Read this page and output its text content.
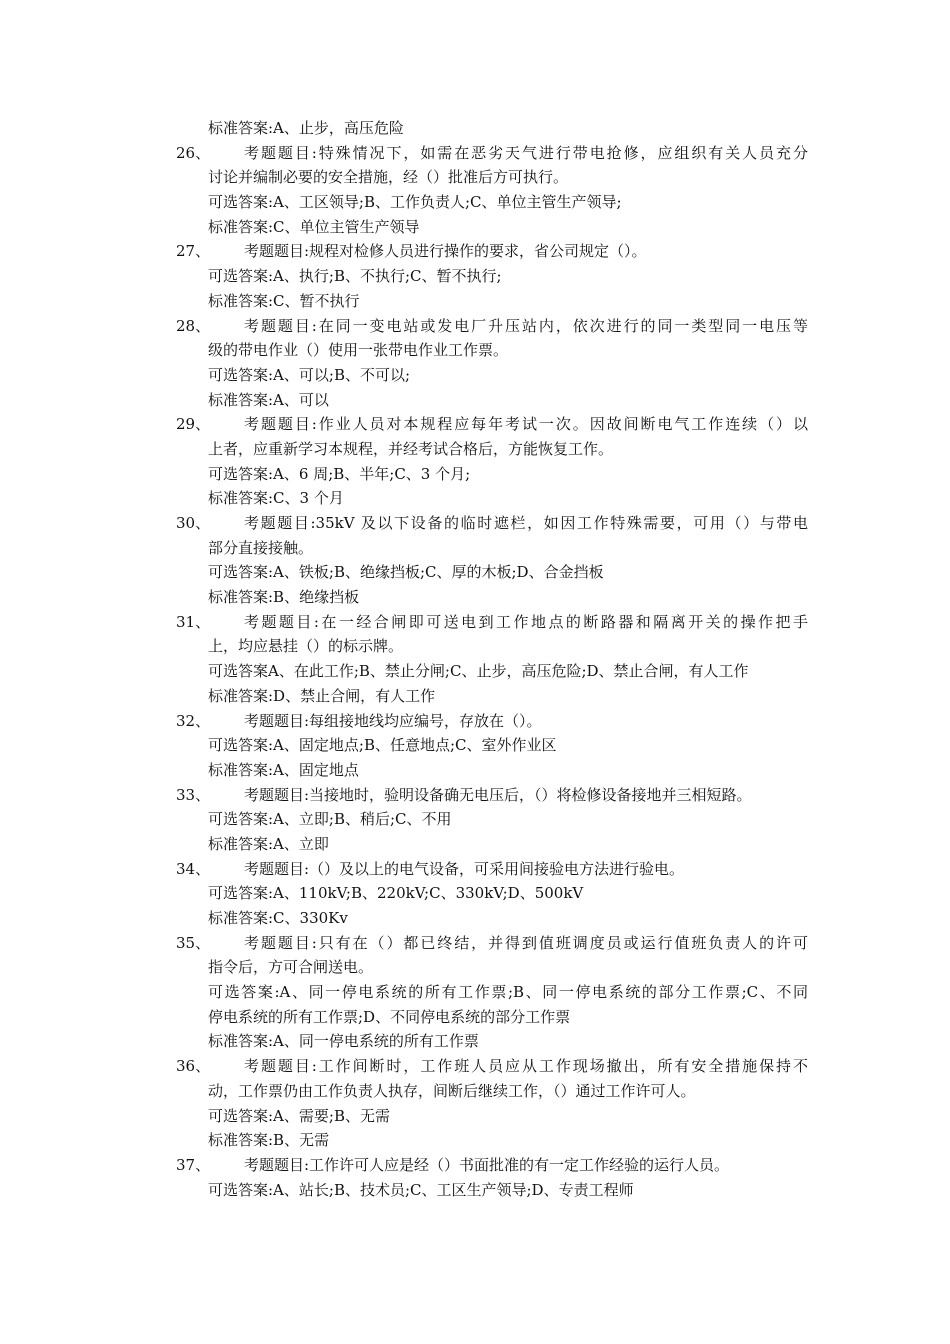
标准答案:A、止步，高压危险
26、	考题题目:特殊情况下，如需在恶劣天气进行带电抢修，应组织有关人员充分
讨论并编制必要的安全措施，经（）批准后方可执行。
可选答案:A、工区领导;B、工作负责人;C、单位主管生产领导;
标准答案:C、单位主管生产领导
27、 考题题目:规程对检修人员进行操作的要求，省公司规定（）。
可选答案:A、执行;B、不执行;C、暂不执行;
标准答案:C、暂不执行
28、	考题题目:在同一变电站或发电厂升压站内，依次进行的同一类型同一电压等
级的带电作业（）使用一张带电作业工作票。
可选答案:A、可以;B、不可以;
标准答案:A、可以
29、	考题题目:作业人员对本规程应每年考试一次。因故间断电气工作连续（）以
上者，应重新学习本规程，并经考试合格后，方能恢复工作。
可选答案:A、6 周;B、半年;C、3 个月;
标准答案:C、3 个月
30、	考题题目:35kV 及以下设备的临时遮栏，如因工作特殊需要，可用（）与带电
部分直接接触。
可选答案:A、铁板;B、绝缘挡板;C、厚的木板;D、合金挡板
标准答案:B、绝缘挡板
31、	考题题目:在一经合闸即可送电到工作地点的断路器和隔离开关的操作把手
上，均应悬挂（）的标示牌。
可选答案A、在此工作;B、禁止分闸;C、止步，高压危险;D、禁止合闸，有人工作
标准答案:D、禁止合闸，有人工作
32、 考题题目:每组接地线均应编号，存放在（）。
可选答案:A、固定地点;B、任意地点;C、室外作业区
标准答案:A、固定地点
33、 考题题目:当接地时，验明设备确无电压后，（）将检修设备接地并三相短路。
可选答案:A、立即;B、稍后;C、不用
标准答案:A、立即
34、 考题题目:（）及以上的电气设备，可采用间接验电方法进行验电。
可选答案:A、110kV;B、220kV;C、330kV;D、500kV
标准答案:C、330Kv
35、	考题题目:只有在（）都已终结，并得到值班调度员或运行值班负责人的许可
指令后，方可合闸送电。
可选答案:A、同一停电系统的所有工作票;B、同一停电系统的部分工作票;C、不同
停电系统的所有工作票;D、不同停电系统的部分工作票
标准答案:A、同一停电系统的所有工作票
36、	考题题目:工作间断时，工作班人员应从工作现场撤出，所有安全措施保持不
动，工作票仍由工作负责人执存，间断后继续工作，（）通过工作许可人。
可选答案:A、需要;B、无需
标准答案:B、无需
37、 考题题目:工作许可人应是经（）书面批准的有一定工作经验的运行人员。
可选答案:A、站长;B、技术员;C、工区生产领导;D、专责工程师
